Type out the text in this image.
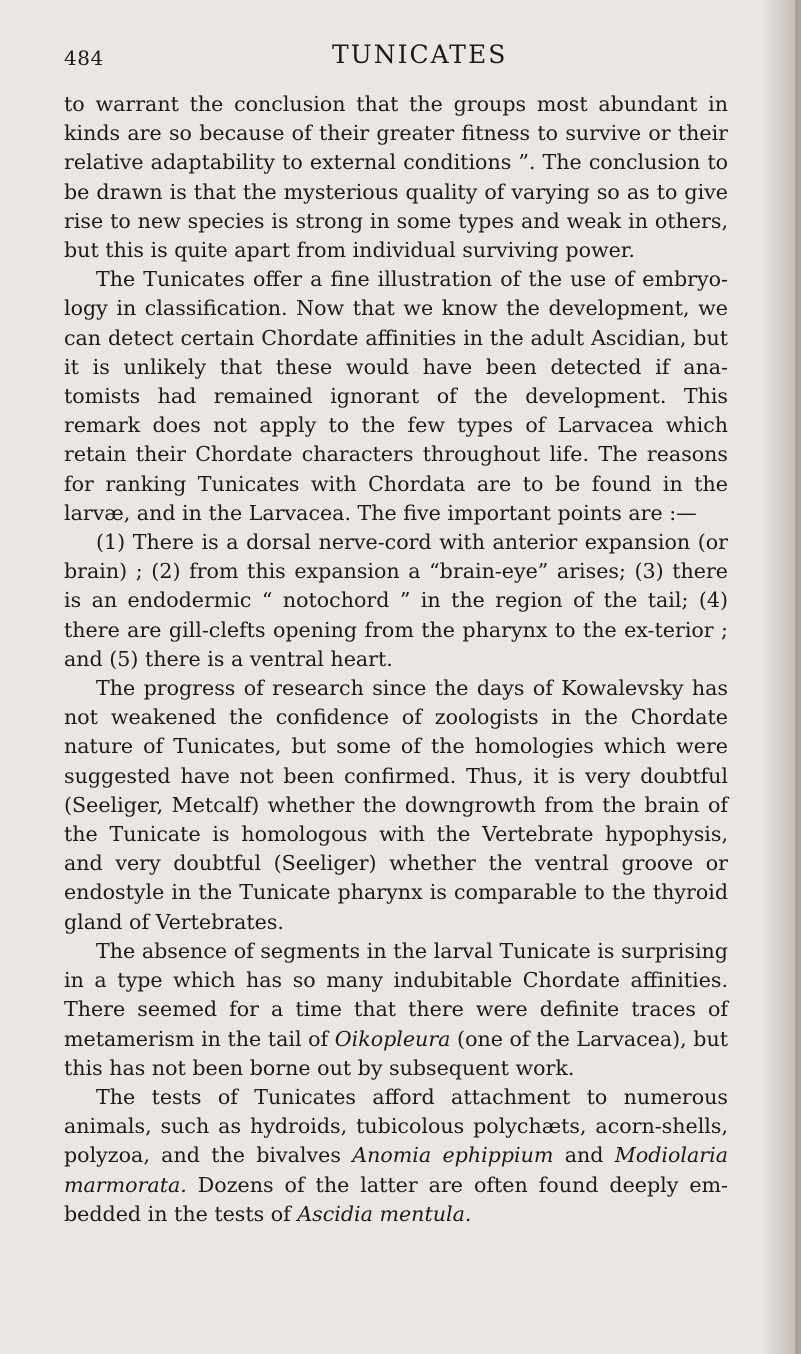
484	TUNICATES

to warrant the conclusion that the groups most abundant in kinds are so because of their greater fitness to survive or their relative adaptability to external conditions ”. The conclusion to be drawn is that the mysterious quality of varying so as to give rise to new species is strong in some types and weak in others, but this is quite apart from individual surviving power.

The Tunicates offer a fine illustration of the use of embryo-logy in classification. Now that we know the development, we can detect certain Chordate affinities in the adult Ascidian, but it is unlikely that these would have been detected if ana-tomists had remained ignorant of the development. This remark does not apply to the few types of Larvacea which retain their Chordate characters throughout life. The reasons for ranking Tunicates with Chordata are to be found in the larvæ, and in the Larvacea. The five important points are :—

(1) There is a dorsal nerve-cord with anterior expansion (or brain) ; (2) from this expansion a “brain-eye” arises; (3) there is an endodermic “ notochord ” in the region of the tail; (4) there are gill-clefts opening from the pharynx to the ex-terior ; and (5) there is a ventral heart.

The progress of research since the days of Kowalevsky has not weakened the confidence of zoologists in the Chordate nature of Tunicates, but some of the homologies which were suggested have not been confirmed. Thus, it is very doubtful (Seeliger, Metcalf) whether the downgrowth from the brain of the Tunicate is homologous with the Vertebrate hypophysis, and very doubtful (Seeliger) whether the ventral groove or endostyle in the Tunicate pharynx is comparable to the thyroid gland of Vertebrates.

The absence of segments in the larval Tunicate is surprising in a type which has so many indubitable Chordate affinities. There seemed for a time that there were definite traces of metamerism in the tail of Oikopleura (one of the Larvacea), but this has not been borne out by subsequent work.

The tests of Tunicates afford attachment to numerous animals, such as hydroids, tubicolous polychæts, acorn-shells, polyzoa, and the bivalves Anomia ephippium and Modiolaria marmorata. Dozens of the latter are often found deeply em-bedded in the tests of Ascidia mentula.
